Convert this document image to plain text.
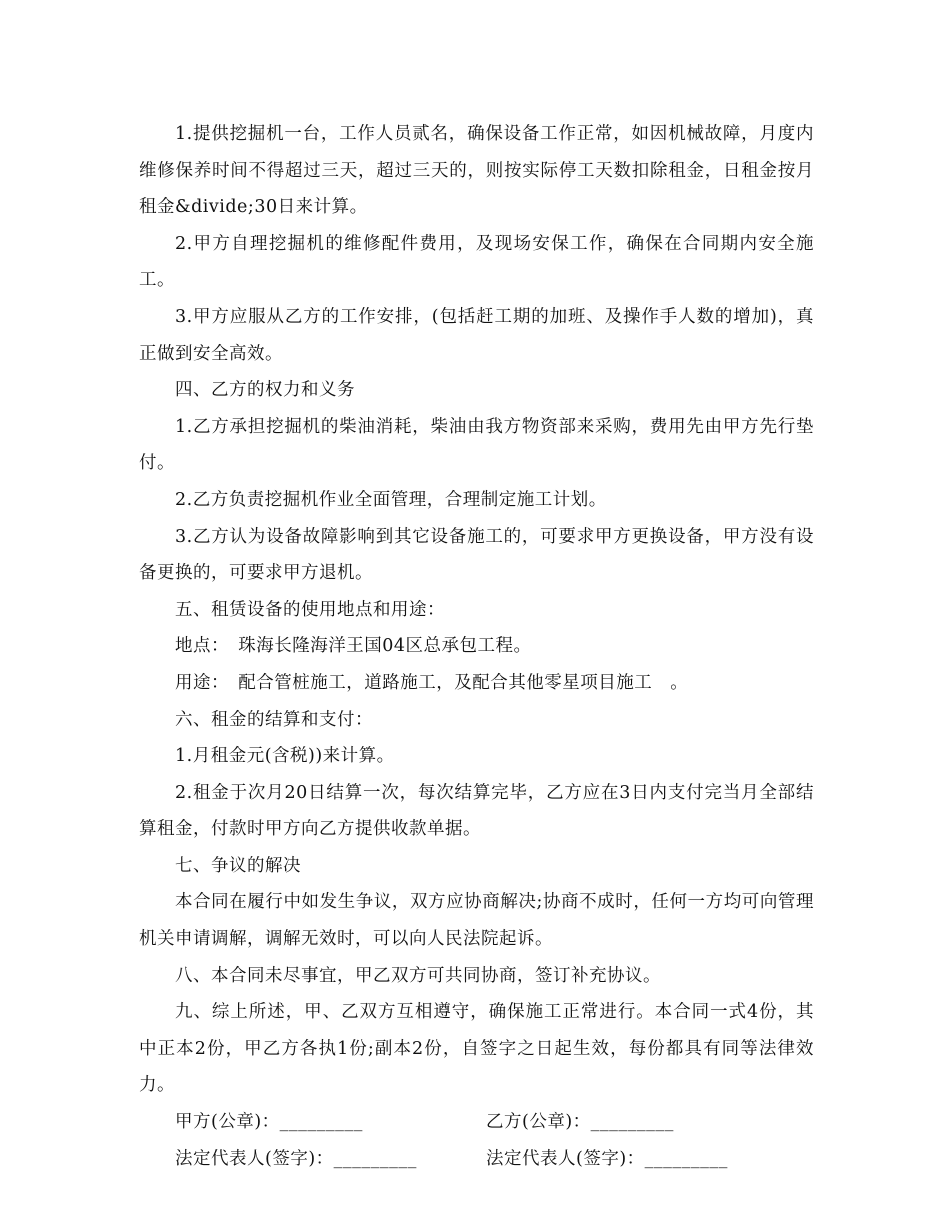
1.提供挖掘机一台，工作人员贰名，确保设备工作正常，如因机械故障，月度内维修保养时间不得超过三天，超过三天的，则按实际停工天数扣除租金，日租金按月租金&divide;30日来计算。

2.甲方自理挖掘机的维修配件费用，及现场安保工作，确保在合同期内安全施工。

3.甲方应服从乙方的工作安排，(包括赶工期的加班、及操作手人数的增加)，真正做到安全高效。

四、乙方的权力和义务

1.乙方承担挖掘机的柴油消耗，柴油由我方物资部来采购，费用先由甲方先行垫付。

2.乙方负责挖掘机作业全面管理，合理制定施工计划。

3.乙方认为设备故障影响到其它设备施工的，可要求甲方更换设备，甲方没有设备更换的，可要求甲方退机。

五、租赁设备的使用地点和用途：

地点：　珠海长隆海洋王国04区总承包工程。

用途：　配合管桩施工，道路施工，及配合其他零星项目施工　。

六、租金的结算和支付：

1.月租金元(含税))来计算。

2.租金于次月20日结算一次，每次结算完毕，乙方应在3日内支付完当月全部结算租金，付款时甲方向乙方提供收款单据。

七、争议的解决

本合同在履行中如发生争议，双方应协商解决;协商不成时，任何一方均可向管理机关申请调解，调解无效时，可以向人民法院起诉。

八、本合同未尽事宜，甲乙双方可共同协商，签订补充协议。

九、综上所述，甲、乙双方互相遵守，确保施工正常进行。本合同一式4份，其中正本2份，甲乙方各执1份;副本2份，自签字之日起生效，每份都具有同等法律效力。

甲方(公章)：_________	乙方(公章)：_________
法定代表人(签字)：_________	法定代表人(签字)：_________
